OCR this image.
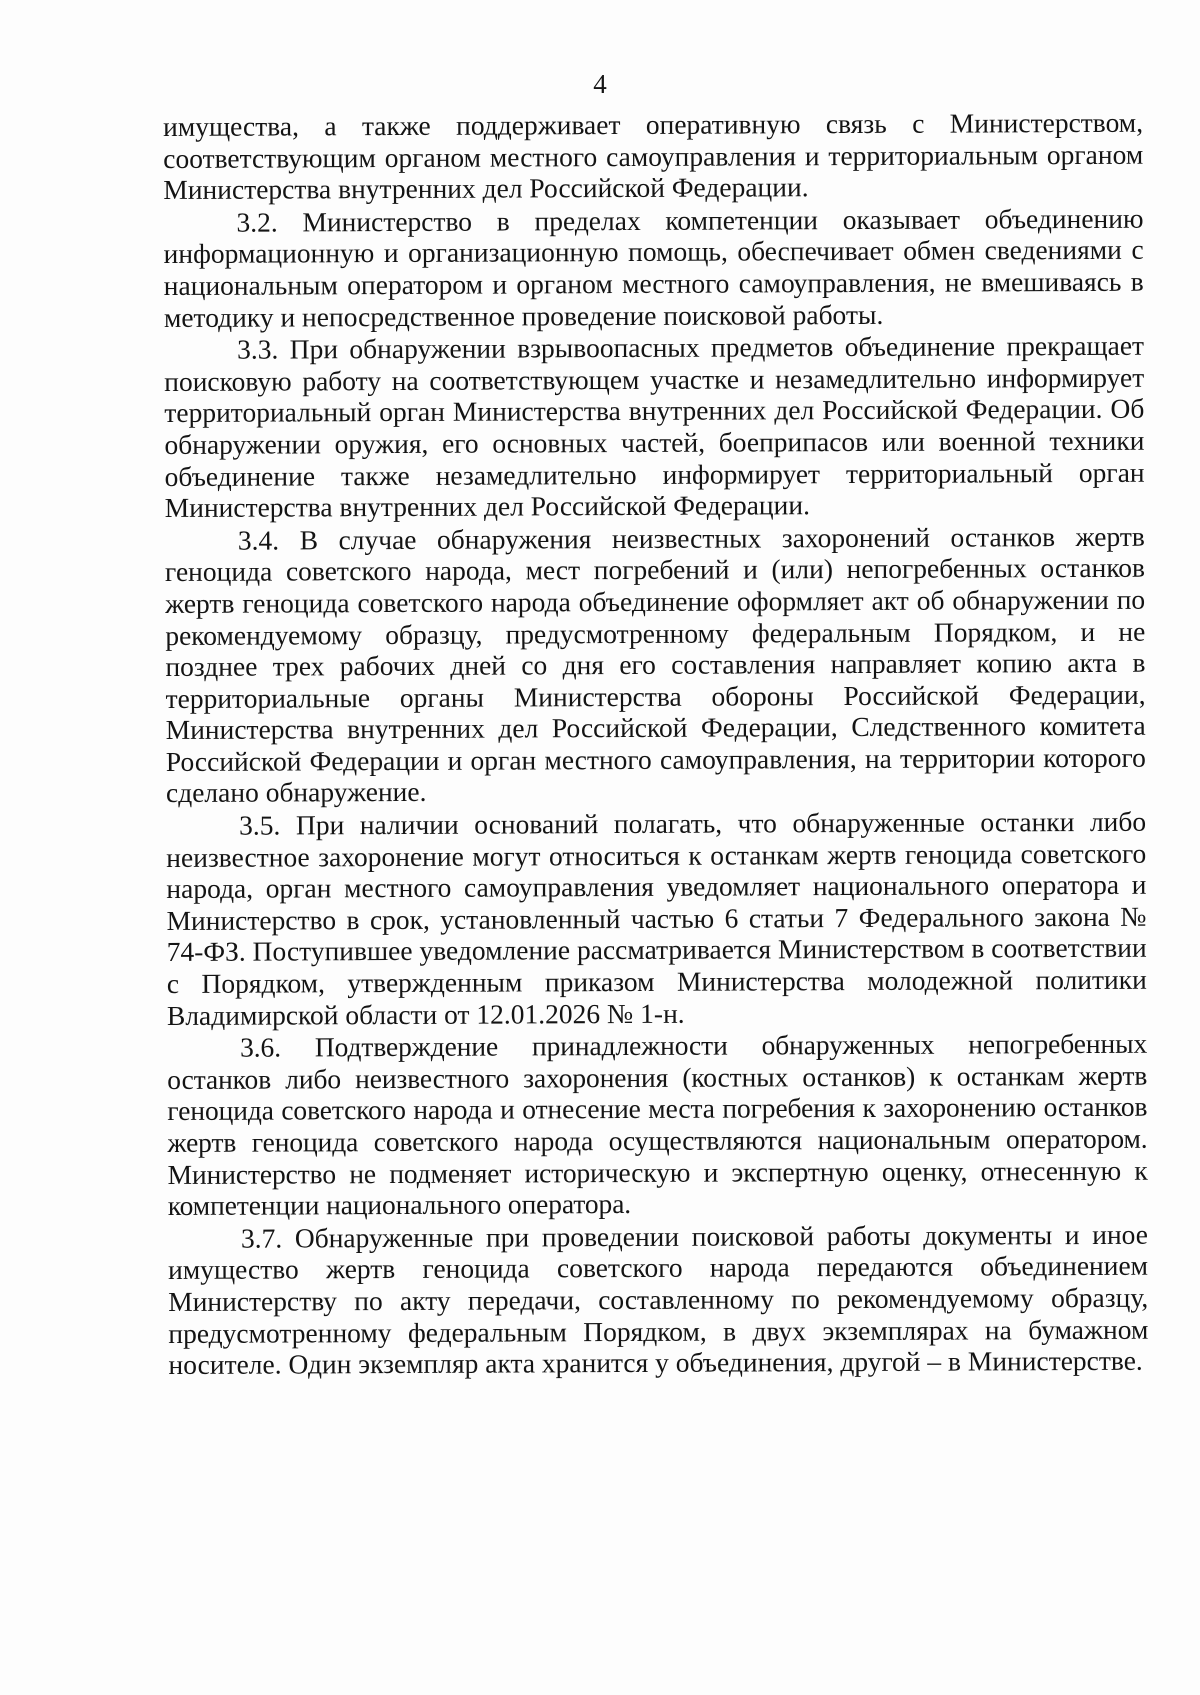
4

имущества, а также поддерживает оперативную связь с Министерством, соответствующим органом местного самоуправления и территориальным органом Министерства внутренних дел Российской Федерации.

3.2. Министерство в пределах компетенции оказывает объединению информационную и организационную помощь, обеспечивает обмен сведениями с национальным оператором и органом местного самоуправления, не вмешиваясь в методику и непосредственное проведение поисковой работы.

3.3. При обнаружении взрывоопасных предметов объединение прекращает поисковую работу на соответствующем участке и незамедлительно информирует территориальный орган Министерства внутренних дел Российской Федерации. Об обнаружении оружия, его основных частей, боеприпасов или военной техники объединение также незамедлительно информирует территориальный орган Министерства внутренних дел Российской Федерации.

3.4. В случае обнаружения неизвестных захоронений останков жертв геноцида советского народа, мест погребений и (или) непогребенных останков жертв геноцида советского народа объединение оформляет акт об обнаружении по рекомендуемому образцу, предусмотренному федеральным Порядком, и не позднее трех рабочих дней со дня его составления направляет копию акта в территориальные органы Министерства обороны Российской Федерации, Министерства внутренних дел Российской Федерации, Следственного комитета Российской Федерации и орган местного самоуправления, на территории которого сделано обнаружение.

3.5. При наличии оснований полагать, что обнаруженные останки либо неизвестное захоронение могут относиться к останкам жертв геноцида советского народа, орган местного самоуправления уведомляет национального оператора и Министерство в срок, установленный частью 6 статьи 7 Федерального закона № 74-ФЗ. Поступившее уведомление рассматривается Министерством в соответствии с Порядком, утвержденным приказом Министерства молодежной политики Владимирской области от 12.01.2026 № 1-н.

3.6. Подтверждение принадлежности обнаруженных непогребенных останков либо неизвестного захоронения (костных останков) к останкам жертв геноцида советского народа и отнесение места погребения к захоронению останков жертв геноцида советского народа осуществляются национальным оператором. Министерство не подменяет историческую и экспертную оценку, отнесенную к компетенции национального оператора.

3.7. Обнаруженные при проведении поисковой работы документы и иное имущество жертв геноцида советского народа передаются объединением Министерству по акту передачи, составленному по рекомендуемому образцу, предусмотренному федеральным Порядком, в двух экземплярах на бумажном носителе. Один экземпляр акта хранится у объединения, другой – в Министерстве.
